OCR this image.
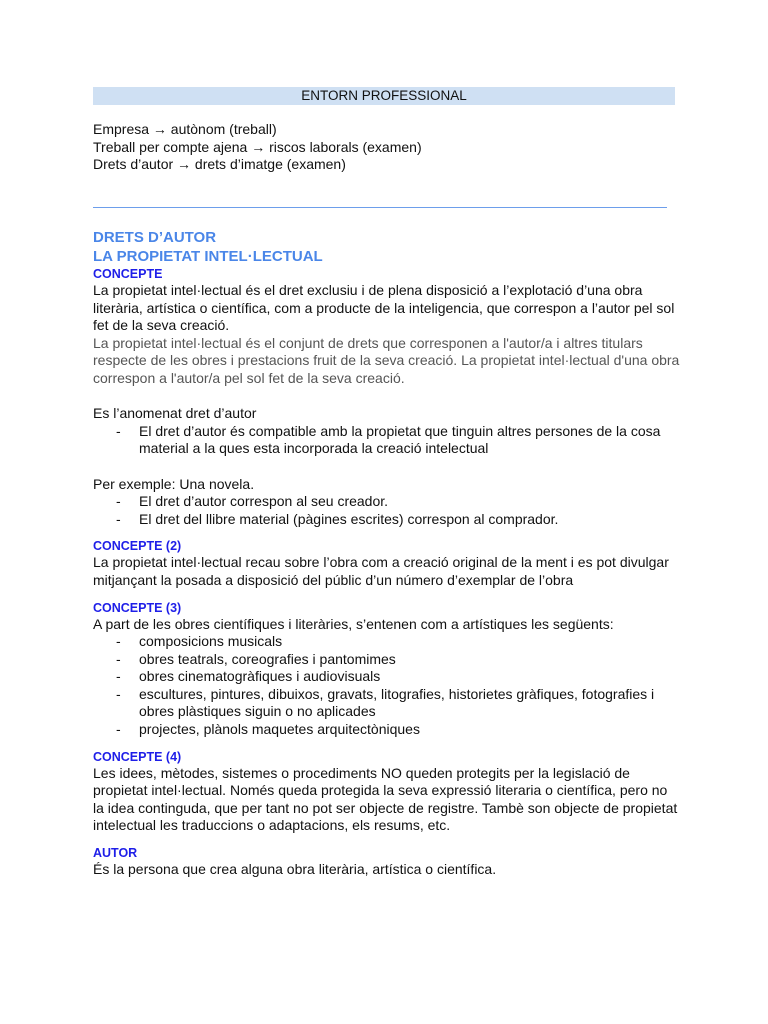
ENTORN PROFESSIONAL
Empresa → autònom (treball)
Treball per compte ajena → riscos laborals (examen)
Drets d’autor → drets d’imatge (examen)
DRETS D’AUTOR
LA PROPIETAT INTEL·LECTUAL
CONCEPTE

La propietat intel·lectual és el dret exclusiu i de plena disposició a l’explotació d’una obra literària, artística o científica, com a producte de la inteligencia, que correspon a l’autor pel sol fet de la seva creació.

La propietat intel·lectual és el conjunt de drets que corresponen a l'autor/a i altres titulars respecte de les obres i prestacions fruit de la seva creació. La propietat intel·lectual d'una obra correspon a l'autor/a pel sol fet de la seva creació.

Es l’anomenat dret d’autor

- El dret d’autor és compatible amb la propietat que tinguin altres persones de la cosa material a la ques esta incorporada la creació intelectual

Per exemple: Una novela.

- El dret d’autor correspon al seu creador.
- El dret del llibre material (pàgines escrites) correspon al comprador.
CONCEPTE (2)

La propietat intel·lectual recau sobre l’obra com a creació original de la ment i es pot divulgar mitjançant la posada a disposició del públic d’un número d’exemplar de l’obra

CONCEPTE (3)

A part de les obres científiques i literàries, s’entenen com a artístiques les següents:

- composicions musicals
- obres teatrals, coreografies i pantomimes
- obres cinematogràfiques i audiovisuals
- escultures, pintures, dibuixos, gravats, litografies, historietes gràfiques, fotografies i obres plàstiques siguin o no aplicades
- projectes, plànols maquetes arquitectòniques
CONCEPTE (4)

Les idees, mètodes, sistemes o procediments NO queden protegits per la legislació de propietat intel·lectual. Només queda protegida la seva expressió literaria o científica, pero no la idea continguda, que per tant no pot ser objecte de registre. Tambè son objecte de propietat intelectual les traduccions o adaptacions, els resums, etc.

AUTOR

És la persona que crea alguna obra literària, artística o científica.
